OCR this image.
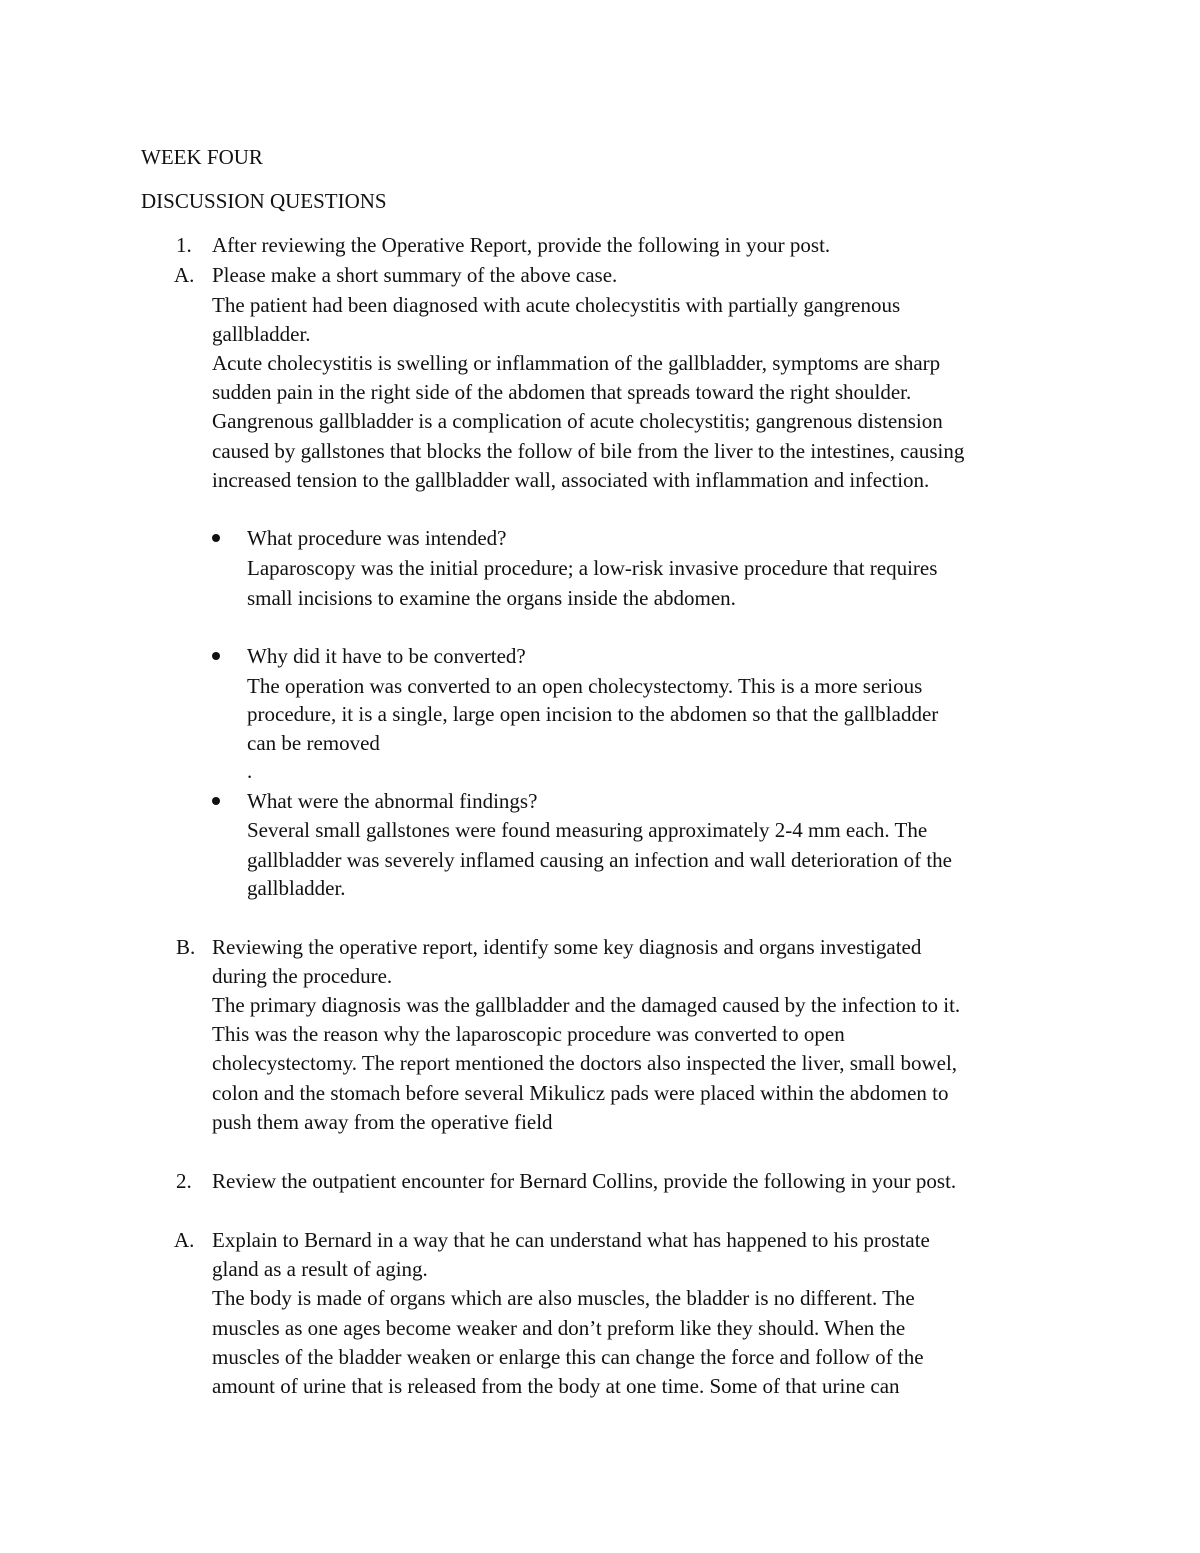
WEEK FOUR
DISCUSSION QUESTIONS
1. After reviewing the Operative Report, provide the following in your post.
A. Please make a short summary of the above case.
The patient had been diagnosed with acute cholecystitis with partially gangrenous
gallbladder.
Acute cholecystitis is swelling or inflammation of the gallbladder, symptoms are sharp
sudden pain in the right side of the abdomen that spreads toward the right shoulder.
Gangrenous gallbladder is a complication of acute cholecystitis; gangrenous distension
caused by gallstones that blocks the follow of bile from the liver to the intestines, causing
increased tension to the gallbladder wall, associated with inflammation and infection.
What procedure was intended?
Laparoscopy was the initial procedure; a low-risk invasive procedure that requires
small incisions to examine the organs inside the abdomen.
Why did it have to be converted?
The operation was converted to an open cholecystectomy. This is a more serious
procedure, it is a single, large open incision to the abdomen so that the gallbladder
can be removed
.
What were the abnormal findings?
Several small gallstones were found measuring approximately 2-4 mm each. The
gallbladder was severely inflamed causing an infection and wall deterioration of the
gallbladder.
B. Reviewing the operative report, identify some key diagnosis and organs investigated
during the procedure.
The primary diagnosis was the gallbladder and the damaged caused by the infection to it.
This was the reason why the laparoscopic procedure was converted to open
cholecystectomy. The report mentioned the doctors also inspected the liver, small bowel,
colon and the stomach before several Mikulicz pads were placed within the abdomen to
push them away from the operative field
2. Review the outpatient encounter for Bernard Collins, provide the following in your post.
A. Explain to Bernard in a way that he can understand what has happened to his prostate
gland as a result of aging.
The body is made of organs which are also muscles, the bladder is no different. The
muscles as one ages become weaker and don’t preform like they should. When the
muscles of the bladder weaken or enlarge this can change the force and follow of the
amount of urine that is released from the body at one time. Some of that urine can
